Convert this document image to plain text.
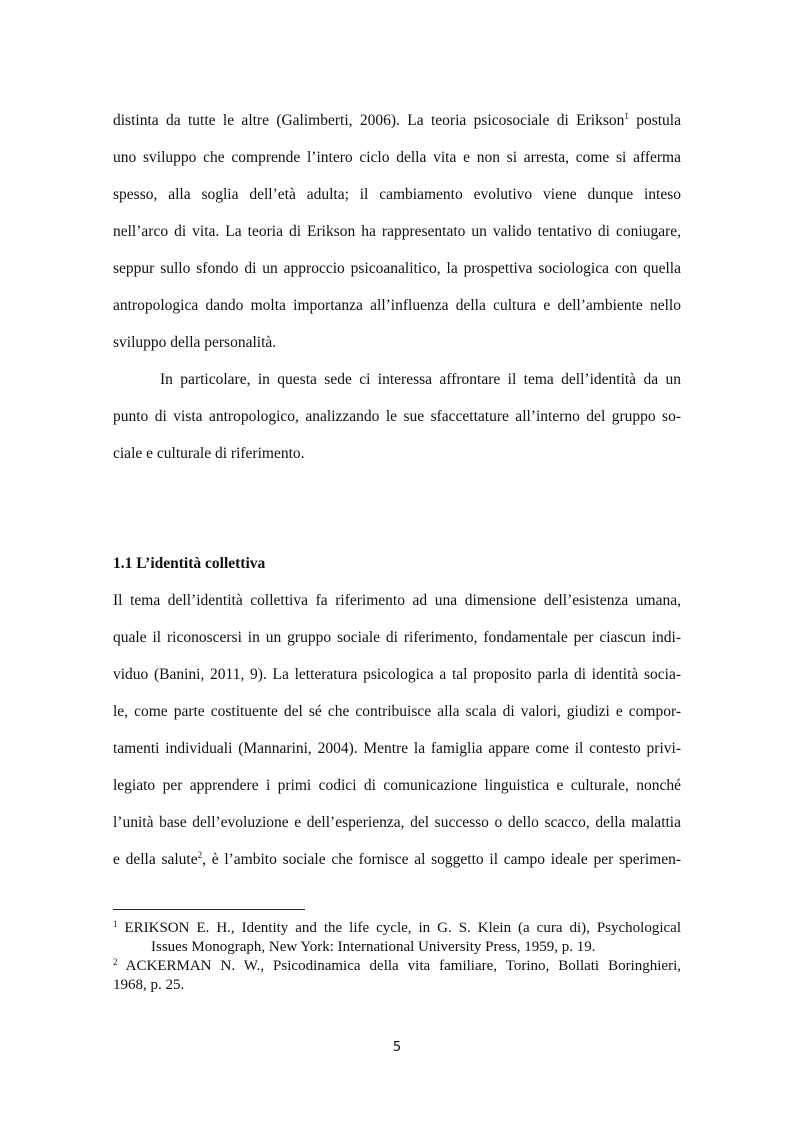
distinta da tutte le altre (Galimberti, 2006). La teoria psicosociale di Erikson$^1$ postula
uno sviluppo che comprende l’intero ciclo della vita e non si arresta, come si afferma
spesso, alla soglia dell’età adulta; il cambiamento evolutivo viene dunque inteso
nell’arco di vita. La teoria di Erikson ha rappresentato un valido tentativo di coniugare,
seppur sullo sfondo di un approccio psicoanalitico, la prospettiva sociologica con quella
antropologica dando molta importanza all’influenza della cultura e dell’ambiente nello
sviluppo della personalità.
In particolare, in questa sede ci interessa affrontare il tema dell’identità da un
punto di vista antropologico, analizzando le sue sfaccettature all’interno del gruppo so-
ciale e culturale di riferimento.
1.1 L’identità collettiva
Il tema dell’identità collettiva fa riferimento ad una dimensione dell’esistenza umana,
quale il riconoscersi in un gruppo sociale di riferimento, fondamentale per ciascun indi-
viduo (Banini, 2011, 9). La letteratura psicologica a tal proposito parla di identità socia-
le, come parte costituente del sé che contribuisce alla scala di valori, giudizi e compor-
tamenti individuali (Mannarini, 2004). Mentre la famiglia appare come il contesto privi-
legiato per apprendere i primi codici di comunicazione linguistica e culturale, nonché
l’unità base dell’evoluzione e dell’esperienza, del successo o dello scacco, della malattia
e della salute$^2$, è l’ambito sociale che fornisce al soggetto il campo ideale per sperimen-
$^1$ ERIKSON E. H., Identity and the life cycle, in G. S. Klein (a cura di), Psychological
Issues Monograph, New York: International University Press, 1959, p. 19.
$^2$ ACKERMAN N. W., Psicodinamica della vita familiare, Torino, Bollati Boringhieri,
1968, p. 25.
5
